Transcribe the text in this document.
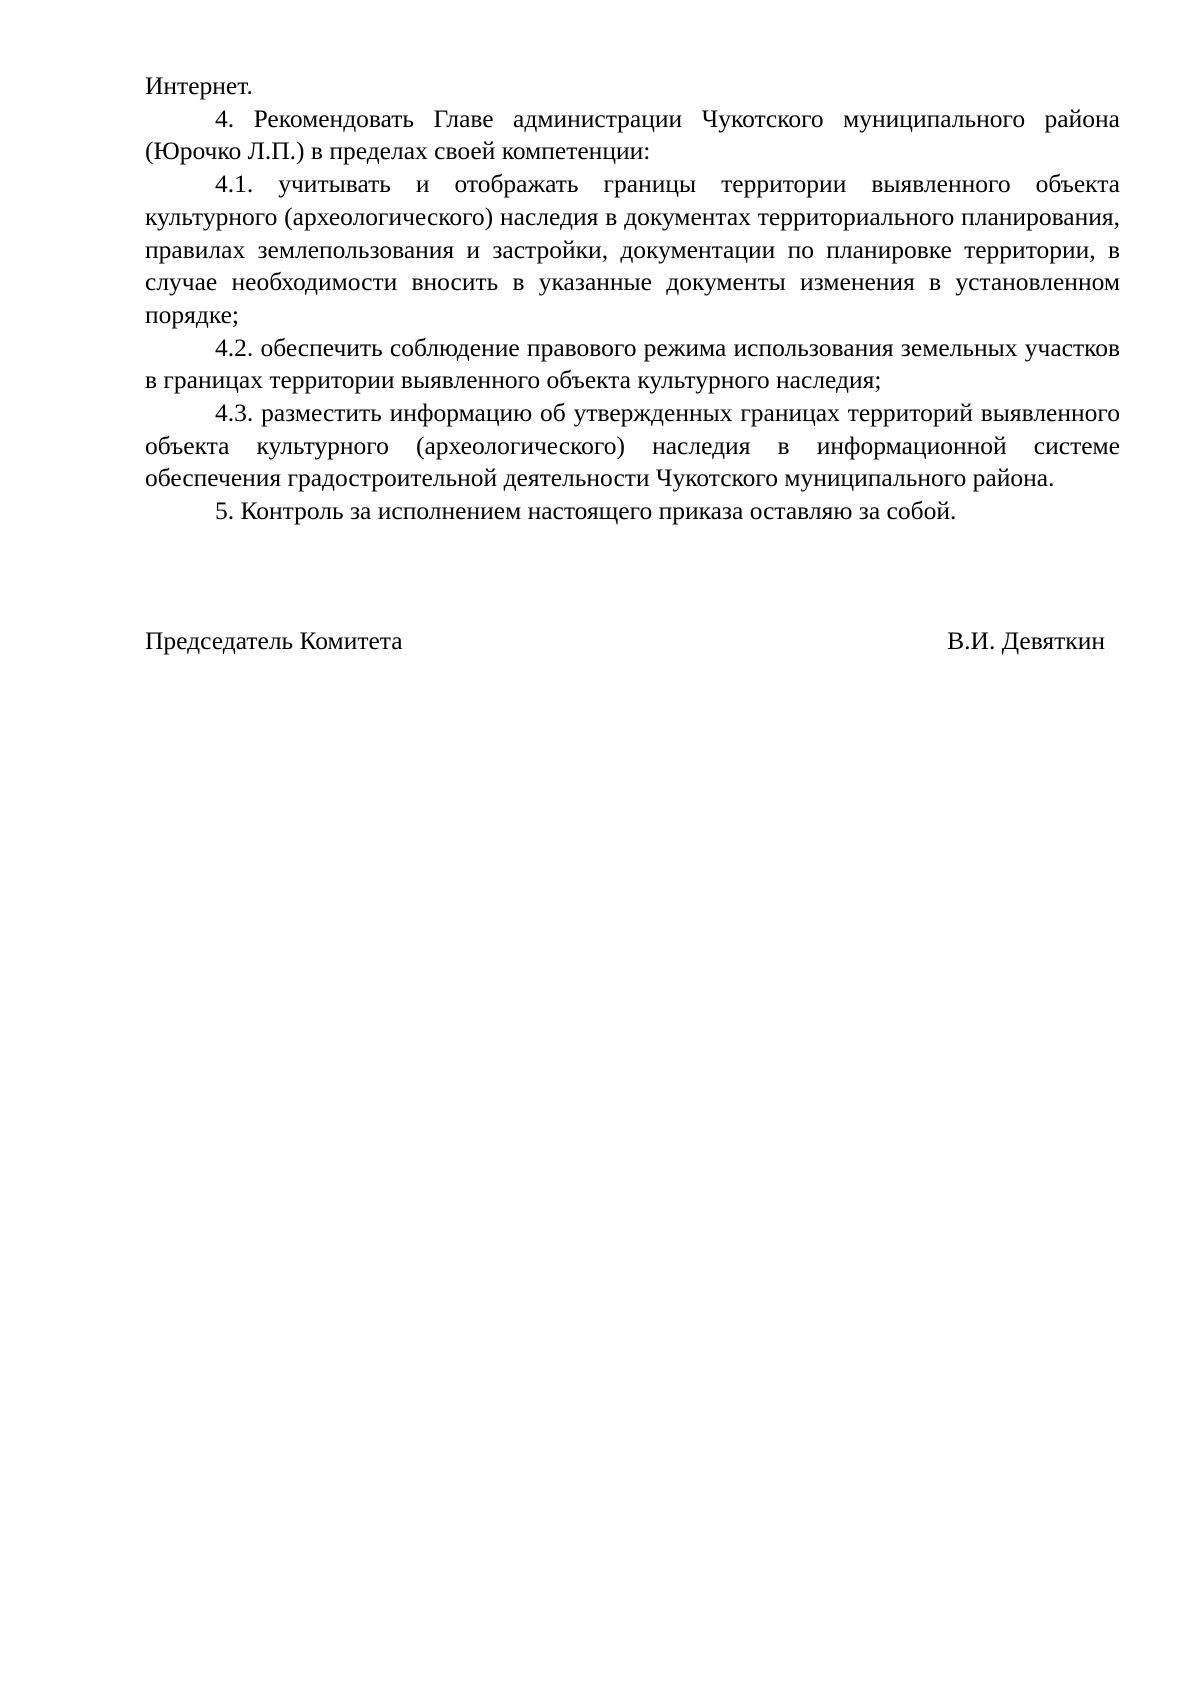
Интернет.

4. Рекомендовать Главе администрации Чукотского муниципального района (Юрочко Л.П.) в пределах своей компетенции:

4.1. учитывать и отображать границы территории выявленного объекта культурного (археологического) наследия в документах территориального планирования, правилах землепользования и застройки, документации по планировке территории, в случае необходимости вносить в указанные документы изменения в установленном порядке;

4.2. обеспечить соблюдение правового режима использования земельных участков в границах территории выявленного объекта культурного наследия;

4.3. разместить информацию об утвержденных границах территорий выявленного объекта культурного (археологического) наследия в информационной системе обеспечения градостроительной деятельности Чукотского муниципального района.

5. Контроль за исполнением настоящего приказа оставляю за собой.

Председатель Комитета	В.И. Девяткин
